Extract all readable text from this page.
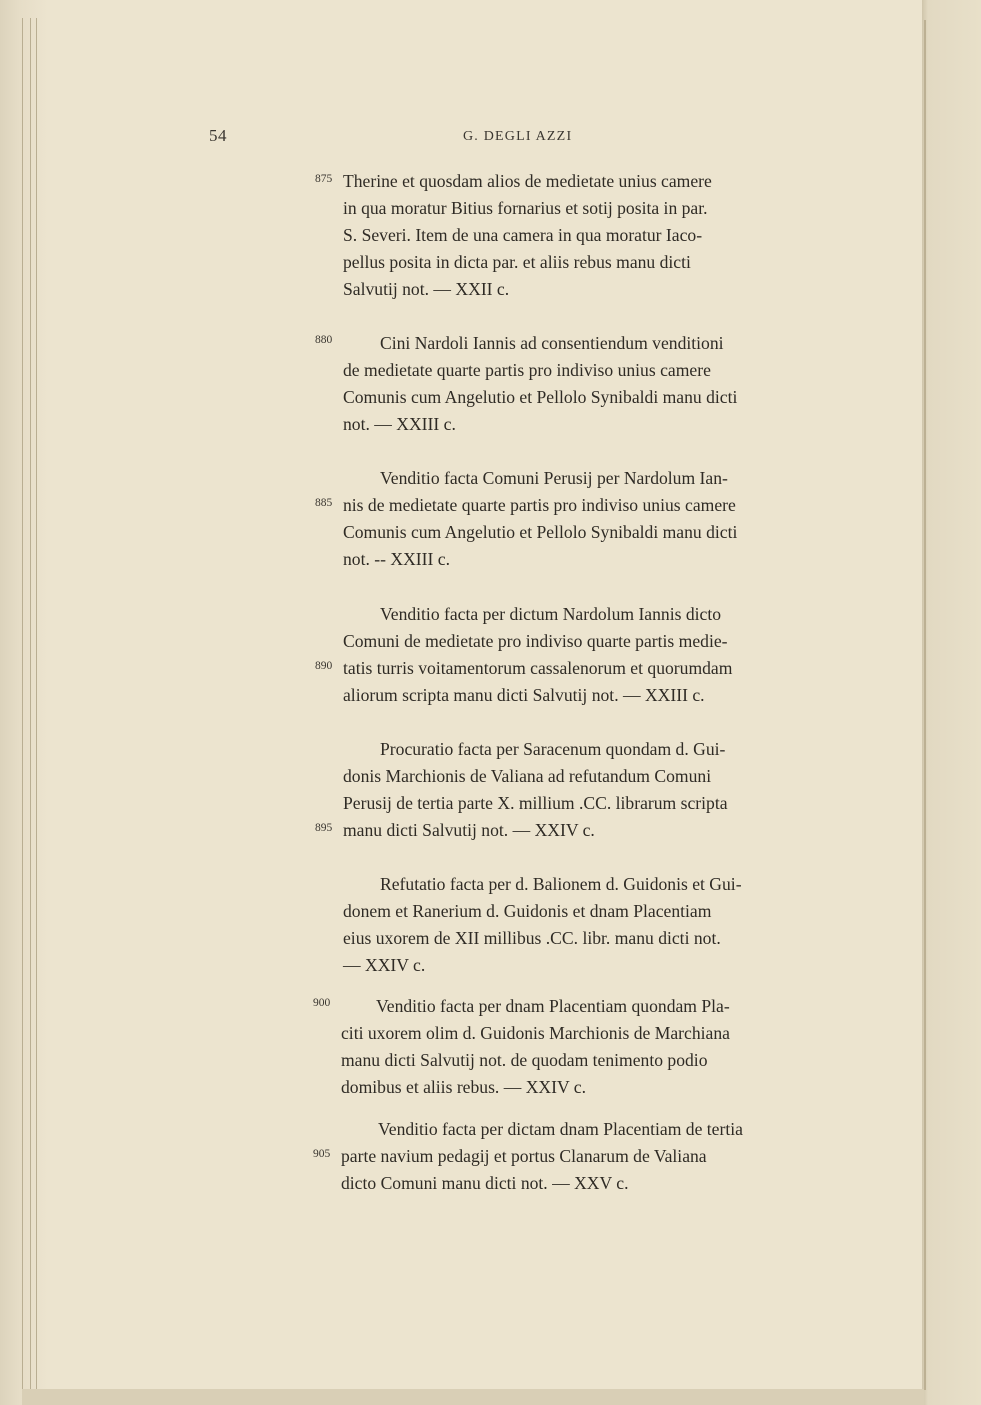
54	G. DEGLI AZZI
Therine et quosdam alios de medietate unius camere
in qua moratur Bitius fornarius et sotij posita in par.
S. Severi. Item de una camera in qua moratur Iaco-
pellus posita in dicta par. et aliis rebus manu dicti
Salvutij not. — XXII c.
Cini Nardoli Iannis ad consentiendum venditioni
de medietate quarte partis pro indiviso unius camere
Comunis cum Angelutio et Pellolo Synibaldi manu dicti
not. — XXIII c.
Venditio facta Comuni Perusij per Nardolum Ian-
nis de medietate quarte partis pro indiviso unius camere
Comunis cum Angelutio et Pellolo Synibaldi manu dicti
not. -- XXIII c.
Venditio facta per dictum Nardolum Iannis dicto
Comuni de medietate pro indiviso quarte partis medie-
tatis turris voitamentorum cassalenorum et quorumdam
aliorum scripta manu dicti Salvutij not. — XXIII c.
Procuratio facta per Saracenum quondam d. Gui-
donis Marchionis de Valiana ad refutandum Comuni
Perusij de tertia parte X. millium .CC. librarum scripta
manu dicti Salvutij not. — XXIV c.
Refutatio facta per d. Balionem d. Guidonis et Gui-
donem et Ranerium d. Guidonis et dnam Placentiam
eius uxorem de XII millibus .CC. libr. manu dicti not.
— XXIV c.
Venditio facta per dnam Placentiam quondam Pla-
citi uxorem olim d. Guidonis Marchionis de Marchiana
manu dicti Salvutij not. de quodam tenimento podio
domibus et aliis rebus. — XXIV c.
Venditio facta per dictam dnam Placentiam de tertia
parte navium pedagij et portus Clanarum de Valiana
dicto Comuni manu dicti not. — XXV c.
875
880
885
890
895
900
905
